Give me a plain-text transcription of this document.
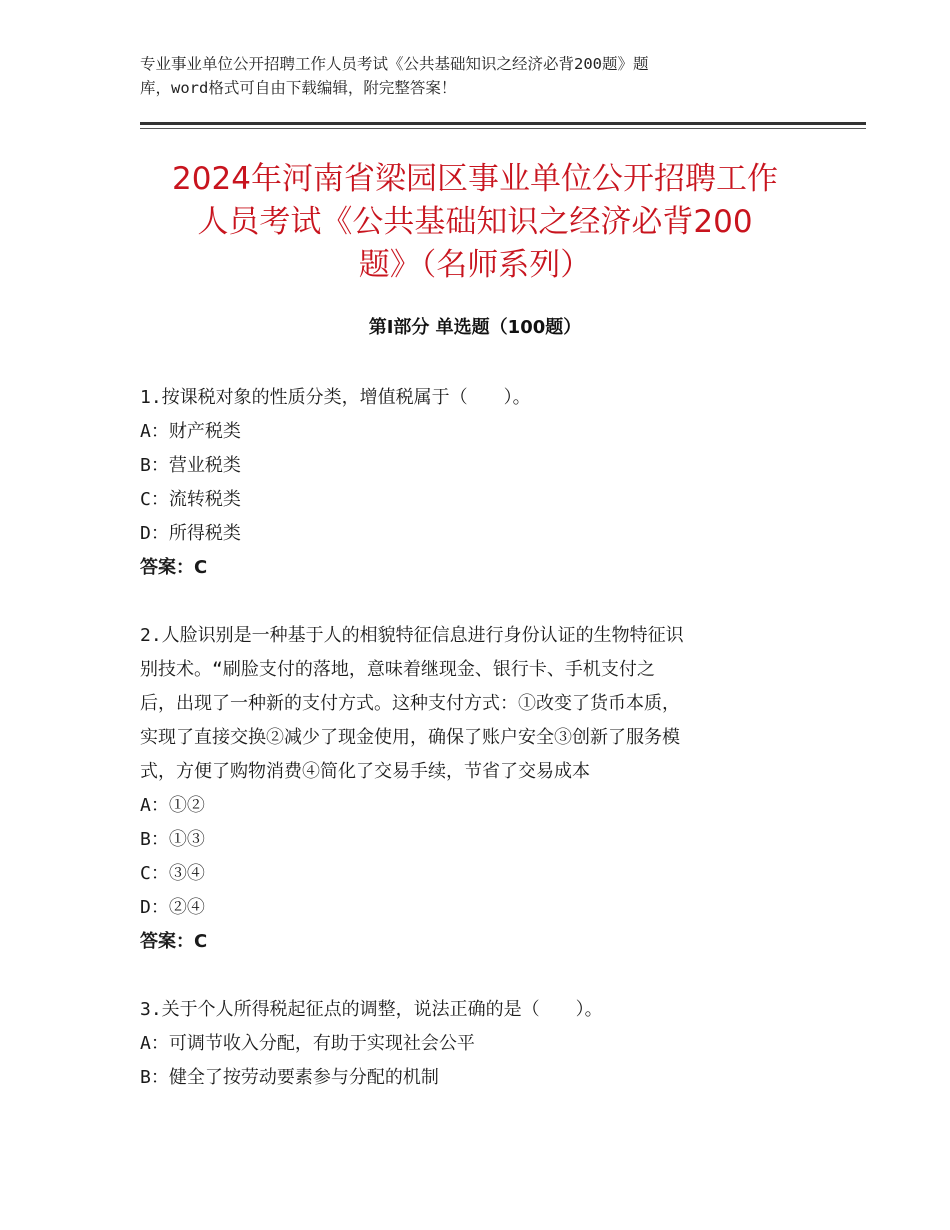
专业事业单位公开招聘工作人员考试《公共基础知识之经济必背200题》题
库，word格式可自由下载编辑，附完整答案！
2024年河南省梁园区事业单位公开招聘工作
人员考试《公共基础知识之经济必背200
题》（名师系列）
第Ⅰ部分 单选题（100题）
1.按课税对象的性质分类，增值税属于（　　）。
A：财产税类
B：营业税类
C：流转税类
D：所得税类
答案：C
2.人脸识别是一种基于人的相貌特征信息进行身份认证的生物特征识
别技术。“刷脸支付的落地，意味着继现金、银行卡、手机支付之
后，出现了一种新的支付方式。这种支付方式：①改变了货币本质，
实现了直接交换②减少了现金使用，确保了账户安全③创新了服务模
式，方便了购物消费④简化了交易手续，节省了交易成本
A：①②
B：①③
C：③④
D：②④
答案：C
3.关于个人所得税起征点的调整，说法正确的是（　　）。
A：可调节收入分配，有助于实现社会公平
B：健全了按劳动要素参与分配的机制
